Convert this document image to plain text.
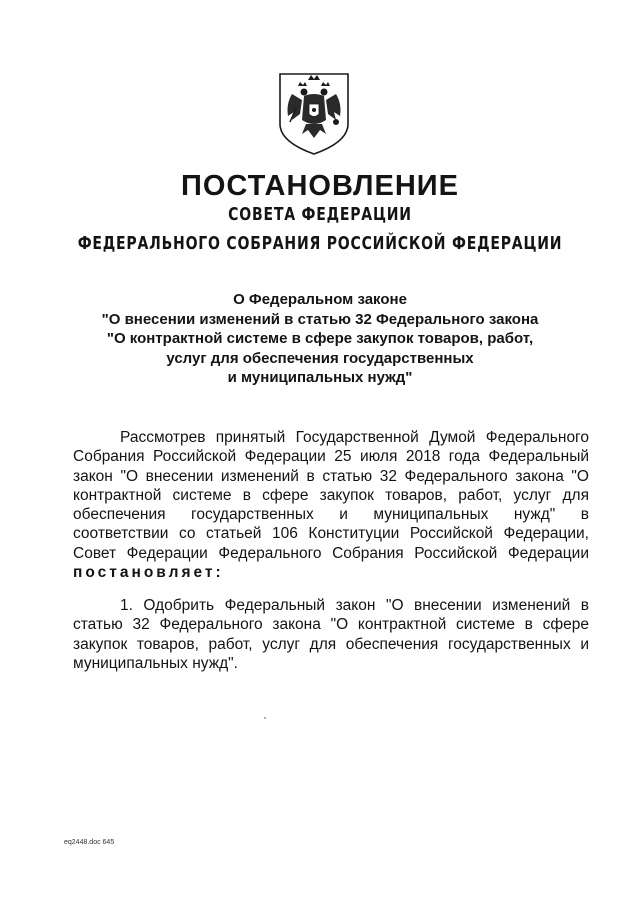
ПОСТАНОВЛЕНИЕ
СОВЕТА ФЕДЕРАЦИИ
ФЕДЕРАЛЬНОГО СОБРАНИЯ РОССИЙСКОЙ ФЕДЕРАЦИИ
О Федеральном законе
"О внесении изменений в статью 32 Федерального закона
"О контрактной системе в сфере закупок товаров, работ,
услуг для обеспечения государственных
и муниципальных нужд"
Рассмотрев принятый Государственной Думой Федерального
Собрания Российской Федерации 25 июля 2018 года Федеральный
закон "О внесении изменений в статью 32 Федерального закона "О
контрактной системе в сфере закупок товаров, работ, услуг для
обеспечения государственных и муниципальных нужд" в
соответствии со статьей 106 Конституции Российской Федерации,
Совет Федерации Федерального Собрания Российской Федерации
постановляет:
1. Одобрить Федеральный закон "О внесении изменений в
статью 32 Федерального закона "О контрактной системе в сфере
закупок товаров, работ, услуг для обеспечения государственных и
муниципальных нужд".
eq2448.doc 645
